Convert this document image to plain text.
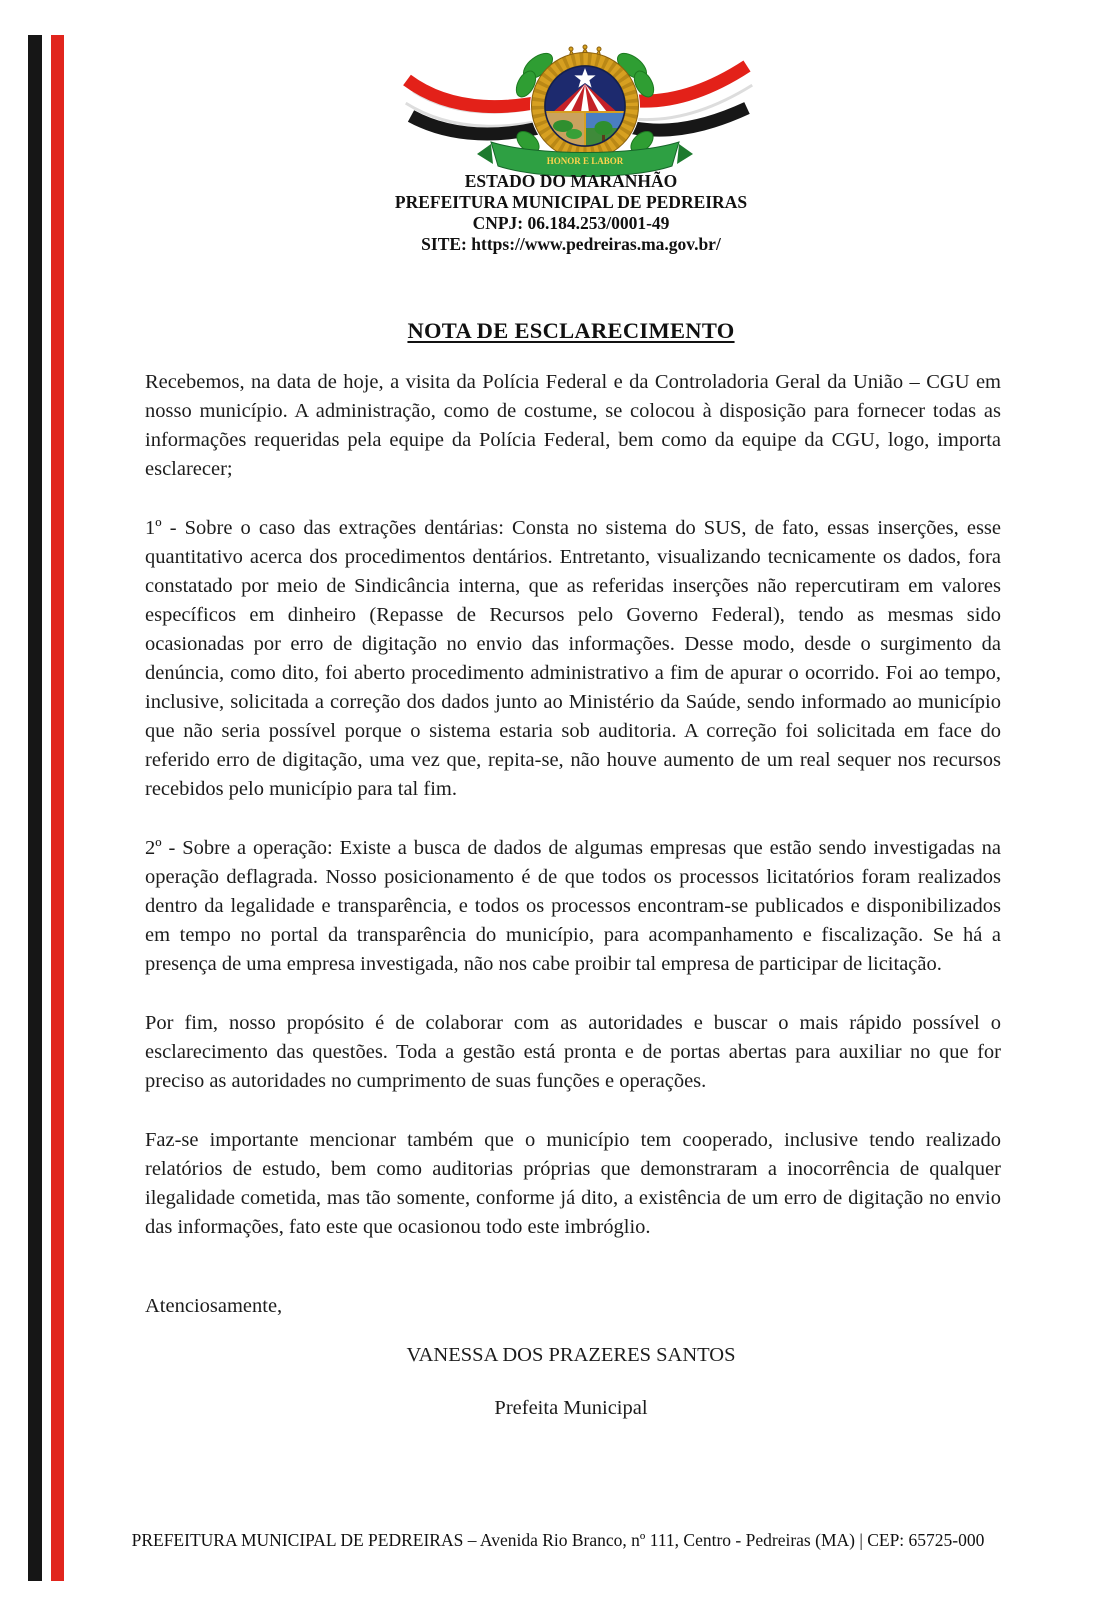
HONOR E LABOR
ESTADO DO MARANHÃO
PREFEITURA MUNICIPAL DE PEDREIRAS
CNPJ: 06.184.253/0001-49
SITE: https://www.pedreiras.ma.gov.br/
NOTA DE ESCLARECIMENTO

Recebemos, na data de hoje, a visita da Polícia Federal e da Controladoria Geral da União – CGU em nosso município. A administração, como de costume, se colocou à disposição para fornecer todas as informações requeridas pela equipe da Polícia Federal, bem como da equipe da CGU, logo, importa esclarecer;

1º - Sobre o caso das extrações dentárias: Consta no sistema do SUS, de fato, essas inserções, esse quantitativo acerca dos procedimentos dentários. Entretanto, visualizando tecnicamente os dados, fora constatado por meio de Sindicância interna, que as referidas inserções não repercutiram em valores específicos em dinheiro (Repasse de Recursos pelo Governo Federal), tendo as mesmas sido ocasionadas por erro de digitação no envio das informações. Desse modo, desde o surgimento da denúncia, como dito, foi aberto procedimento administrativo a fim de apurar o ocorrido. Foi ao tempo, inclusive, solicitada a correção dos dados junto ao Ministério da Saúde, sendo informado ao município que não seria possível porque o sistema estaria sob auditoria. A correção foi solicitada em face do referido erro de digitação, uma vez que, repita-se, não houve aumento de um real sequer nos recursos recebidos pelo município para tal fim.

2º - Sobre a operação: Existe a busca de dados de algumas empresas que estão sendo investigadas na operação deflagrada. Nosso posicionamento é de que todos os processos licitatórios foram realizados dentro da legalidade e transparência, e todos os processos encontram-se publicados e disponibilizados em tempo no portal da transparência do município, para acompanhamento e fiscalização. Se há a presença de uma empresa investigada, não nos cabe proibir tal empresa de participar de licitação.

Por fim, nosso propósito é de colaborar com as autoridades e buscar o mais rápido possível o esclarecimento das questões. Toda a gestão está pronta e de portas abertas para auxiliar no que for preciso as autoridades no cumprimento de suas funções e operações.

Faz-se importante mencionar também que o município tem cooperado, inclusive tendo realizado relatórios de estudo, bem como auditorias próprias que demonstraram a inocorrência de qualquer ilegalidade cometida, mas tão somente, conforme já dito, a existência de um erro de digitação no envio das informações, fato este que ocasionou todo este imbróglio.

Atenciosamente,
VANESSA DOS PRAZERES SANTOS
Prefeita Municipal
PREFEITURA MUNICIPAL DE PEDREIRAS – Avenida Rio Branco, nº 111, Centro - Pedreiras (MA) | CEP: 65725-000
